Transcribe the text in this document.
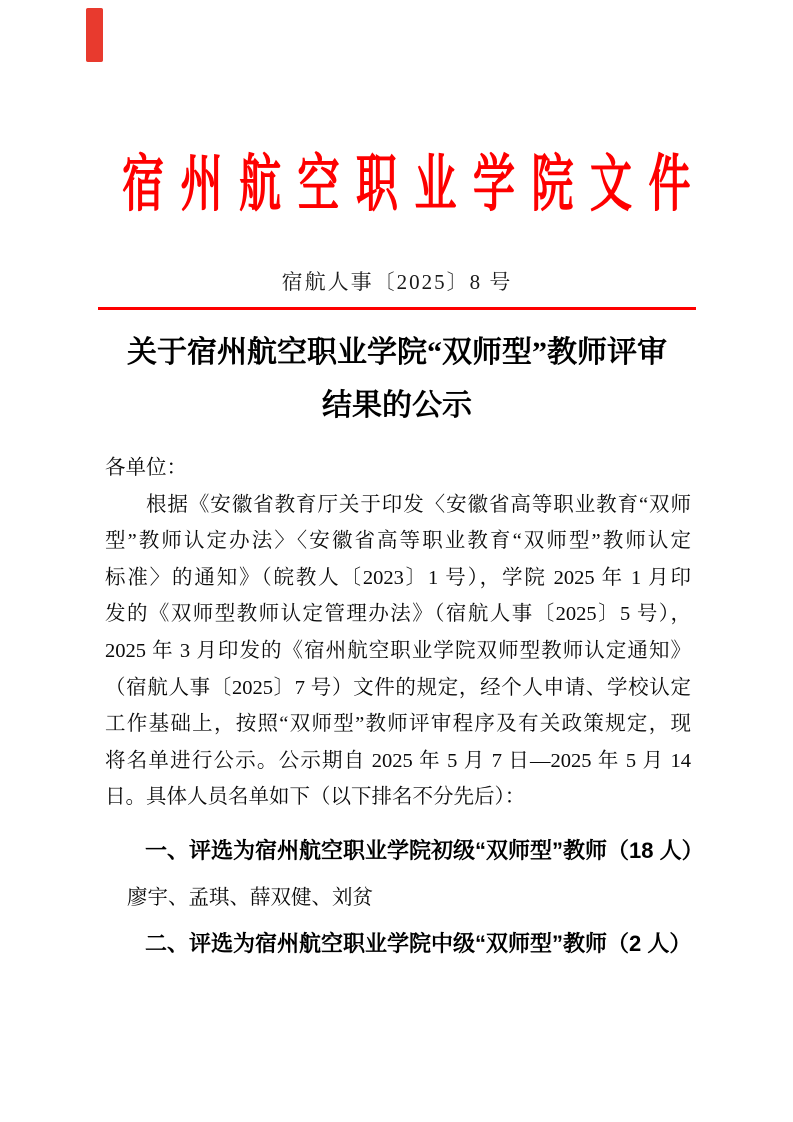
宿州航空职业学院文件
宿航人事〔2025〕8 号
关于宿州航空职业学院“双师型”教师评审
结果的公示
各单位：
根据《安徽省教育厅关于印发〈安徽省高等职业教育“双师
型”教师认定办法〉〈安徽省高等职业教育“双师型”教师认定
标准〉的通知》（皖教人〔2023〕1 号），学院 2025 年 1 月印
发的《双师型教师认定管理办法》（宿航人事〔2025〕5 号），
2025 年 3 月印发的《宿州航空职业学院双师型教师认定通知》
（宿航人事〔2025〕7 号）文件的规定，经个人申请、学校认定
工作基础上，按照“双师型”教师评审程序及有关政策规定，现
将名单进行公示。公示期自 2025 年 5 月 7 日—2025 年 5 月 14
日。具体人员名单如下（以下排名不分先后）：
一、评选为宿州航空职业学院初级“双师型”教师（18 人）
廖宇、孟琪、薛双健、刘贫
二、评选为宿州航空职业学院中级“双师型”教师（2 人）
